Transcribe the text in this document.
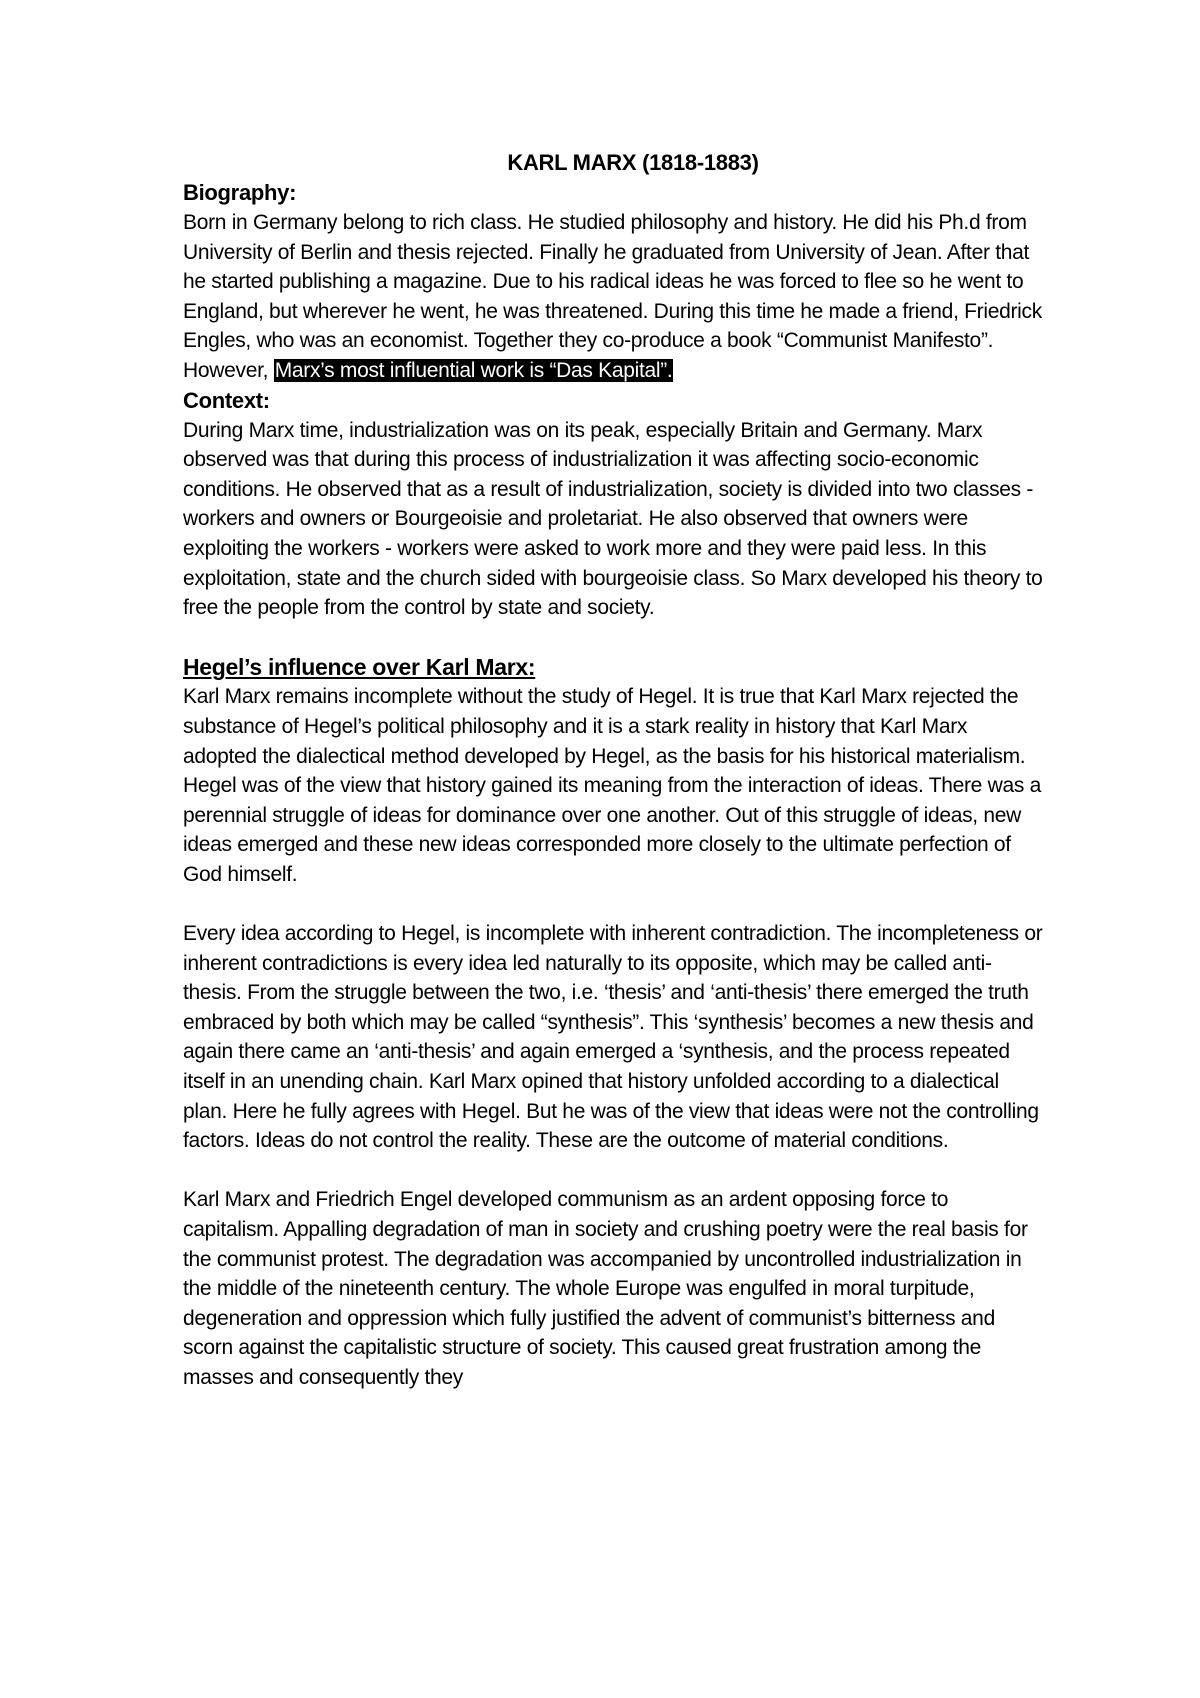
KARL MARX (1818-1883)

Biography:

Born in Germany belong to rich class. He studied philosophy and history. He did his Ph.d from University of Berlin and thesis rejected. Finally he graduated from University of Jean. After that he started publishing a magazine. Due to his radical ideas he was forced to flee so he went to England, but wherever he went, he was threatened. During this time he made a friend, Friedrick Engles, who was an economist. Together they co-produce a book “Communist Manifesto”. However, Marx’s most influential work is “Das Kapital”.

Context:

During Marx time, industrialization was on its peak, especially Britain and Germany. Marx observed was that during this process of industrialization it was affecting socio-economic conditions. He observed that as a result of industrialization, society is divided into two classes - workers and owners or Bourgeoisie and proletariat. He also observed that owners were exploiting the workers - workers were asked to work more and they were paid less. In this exploitation, state and the church sided with bourgeoisie class. So Marx developed his theory to free the people from the control by state and society.

Hegel’s influence over Karl Marx:

Karl Marx remains incomplete without the study of Hegel. It is true that Karl Marx rejected the substance of Hegel’s political philosophy and it is a stark reality in history that Karl Marx adopted the dialectical method developed by Hegel, as the basis for his historical materialism. Hegel was of the view that history gained its meaning from the interaction of ideas. There was a perennial struggle of ideas for dominance over one another. Out of this struggle of ideas, new ideas emerged and these new ideas corresponded more closely to the ultimate perfection of God himself.

Every idea according to Hegel, is incomplete with inherent contradiction. The incompleteness or inherent contradictions is every idea led naturally to its opposite, which may be called anti-thesis. From the struggle between the two, i.e. ‘thesis’ and ‘anti-thesis’ there emerged the truth embraced by both which may be called “synthesis”. This ‘synthesis’ becomes a new thesis and again there came an ‘anti-thesis’ and again emerged a ‘synthesis, and the process repeated itself in an unending chain. Karl Marx opined that history unfolded according to a dialectical plan. Here he fully agrees with Hegel. But he was of the view that ideas were not the controlling factors. Ideas do not control the reality. These are the outcome of material conditions.

Karl Marx and Friedrich Engel developed communism as an ardent opposing force to capitalism. Appalling degradation of man in society and crushing poetry were the real basis for the communist protest. The degradation was accompanied by uncontrolled industrialization in the middle of the nineteenth century. The whole Europe was engulfed in moral turpitude, degeneration and oppression which fully justified the advent of communist’s bitterness and scorn against the capitalistic structure of society. This caused great frustration among the masses and consequently they
